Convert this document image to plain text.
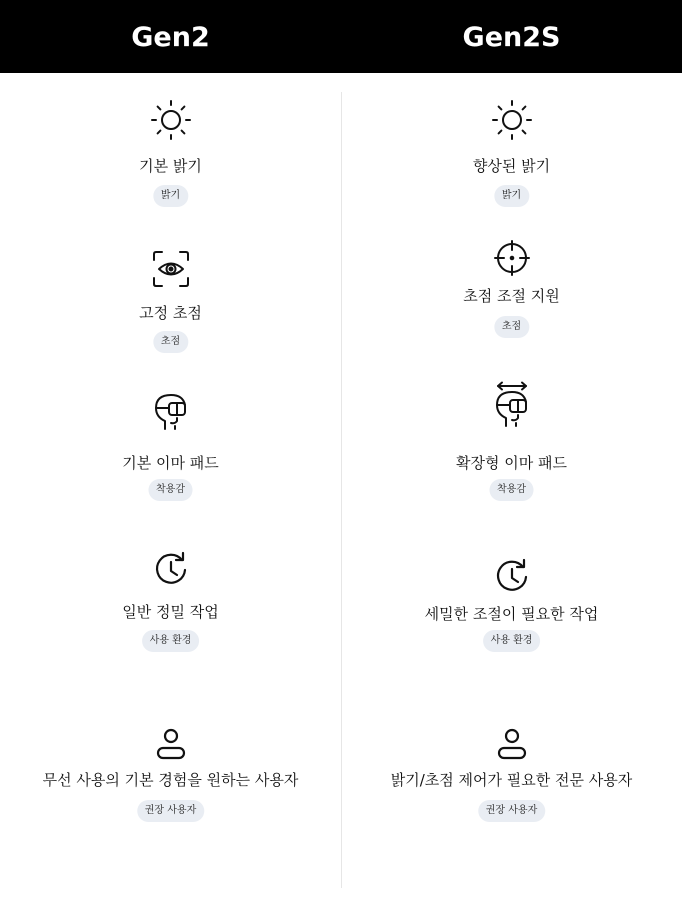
Gen2	Gen2S
기본 밝기
밝기
향상된 밝기
밝기
고정 초점
초점
초점 조절 지원
초점
기본 이마 패드
착용감
확장형 이마 패드
착용감
일반 정밀 작업
사용 환경
세밀한 조절이 필요한 작업
사용 환경
무선 사용의 기본 경험을 원하는 사용자
권장 사용자
밝기/초점 제어가 필요한 전문 사용자
권장 사용자
